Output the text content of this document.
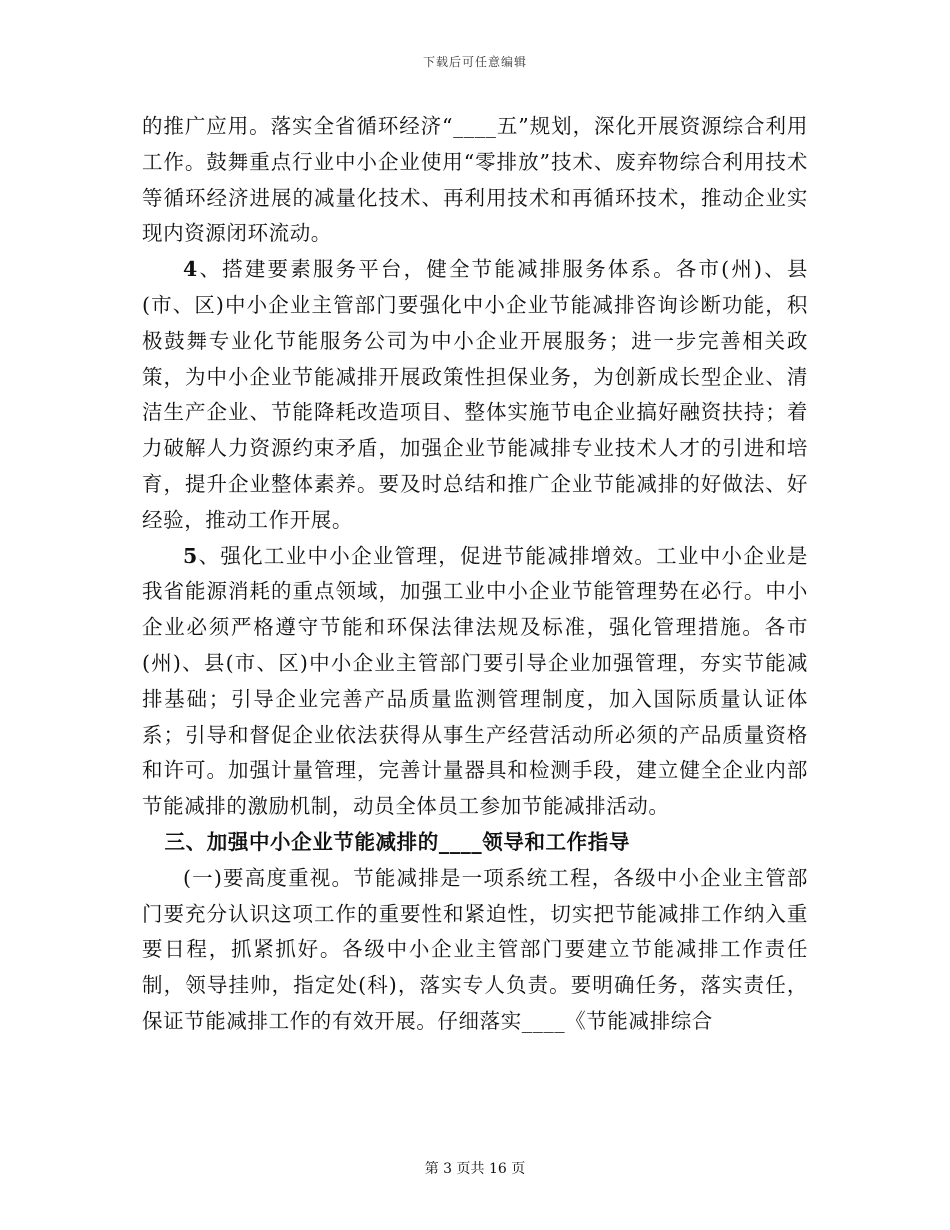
下载后可任意编辑

的推广应用。落实全省循环经济“____五”规划，深化开展资源综合利用工作。鼓舞重点行业中小企业使用“零排放”技术、废弃物综合利用技术等循环经济进展的减量化技术、再利用技术和再循环技术，推动企业实现内资源闭环流动。

4、搭建要素服务平台，健全节能减排服务体系。各市(州)、县(市、区)中小企业主管部门要强化中小企业节能减排咨询诊断功能，积极鼓舞专业化节能服务公司为中小企业开展服务；进一步完善相关政策，为中小企业节能减排开展政策性担保业务，为创新成长型企业、清洁生产企业、节能降耗改造项目、整体实施节电企业搞好融资扶持；着力破解人力资源约束矛盾，加强企业节能减排专业技术人才的引进和培育，提升企业整体素养。要及时总结和推广企业节能减排的好做法、好经验，推动工作开展。

5、强化工业中小企业管理，促进节能减排增效。工业中小企业是我省能源消耗的重点领域，加强工业中小企业节能管理势在必行。中小企业必须严格遵守节能和环保法律法规及标准，强化管理措施。各市(州)、县(市、区)中小企业主管部门要引导企业加强管理，夯实节能减排基础；引导企业完善产品质量监测管理制度，加入国际质量认证体系；引导和督促企业依法获得从事生产经营活动所必须的产品质量资格和许可。加强计量管理，完善计量器具和检测手段，建立健全企业内部节能减排的激励机制，动员全体员工参加节能减排活动。

三、加强中小企业节能减排的____领导和工作指导

(一)要高度重视。节能减排是一项系统工程，各级中小企业主管部门要充分认识这项工作的重要性和紧迫性，切实把节能减排工作纳入重要日程，抓紧抓好。各级中小企业主管部门要建立节能减排工作责任制，领导挂帅，指定处(科)，落实专人负责。要明确任务，落实责任，保证节能减排工作的有效开展。仔细落实____《节能减排综合

第 3 页共 16 页
